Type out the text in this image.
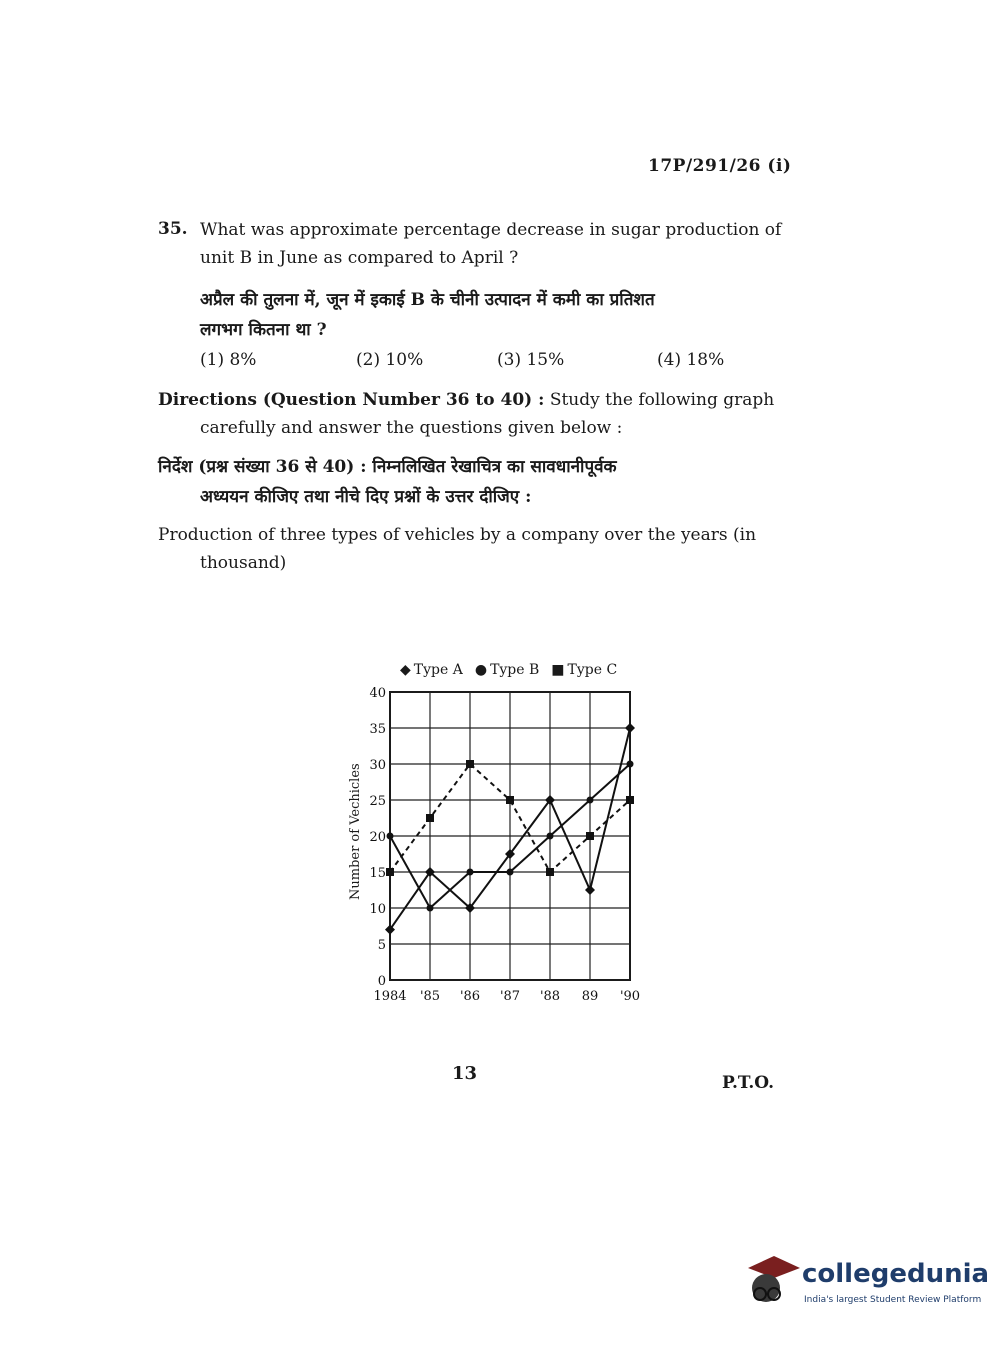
17P/291/26 (i)
35. What was approximate percentage decrease in sugar production of
unit B in June as compared to April ?
अप्रैल की तुलना में, जून में इकाई B के चीनी उत्पादन में कमी का प्रतिशत
लगभग कितना था ?
(1) 8%	(2) 10%	(3) 15%	(4) 18%
Directions (Question Number 36 to 40) : Study the following graph
carefully and answer the questions given below :
निर्देश (प्रश्न संख्या 36 से 40) : निम्नलिखित रेखाचित्र का सावधानीपूर्वक
अध्ययन कीजिए तथा नीचे दिए प्रश्नों के उत्तर दीजिए :
Production of three types of vehicles by a company over the years (in
thousand)
◆ Type A ● Type B ■ Type C
Number of Vechicles
0
5
10
15
20
25
30
35
40
1984 '85 '86 '87 '88 89 '90
13	P.T.O.
collegedunia
India's largest Student Review Platform
